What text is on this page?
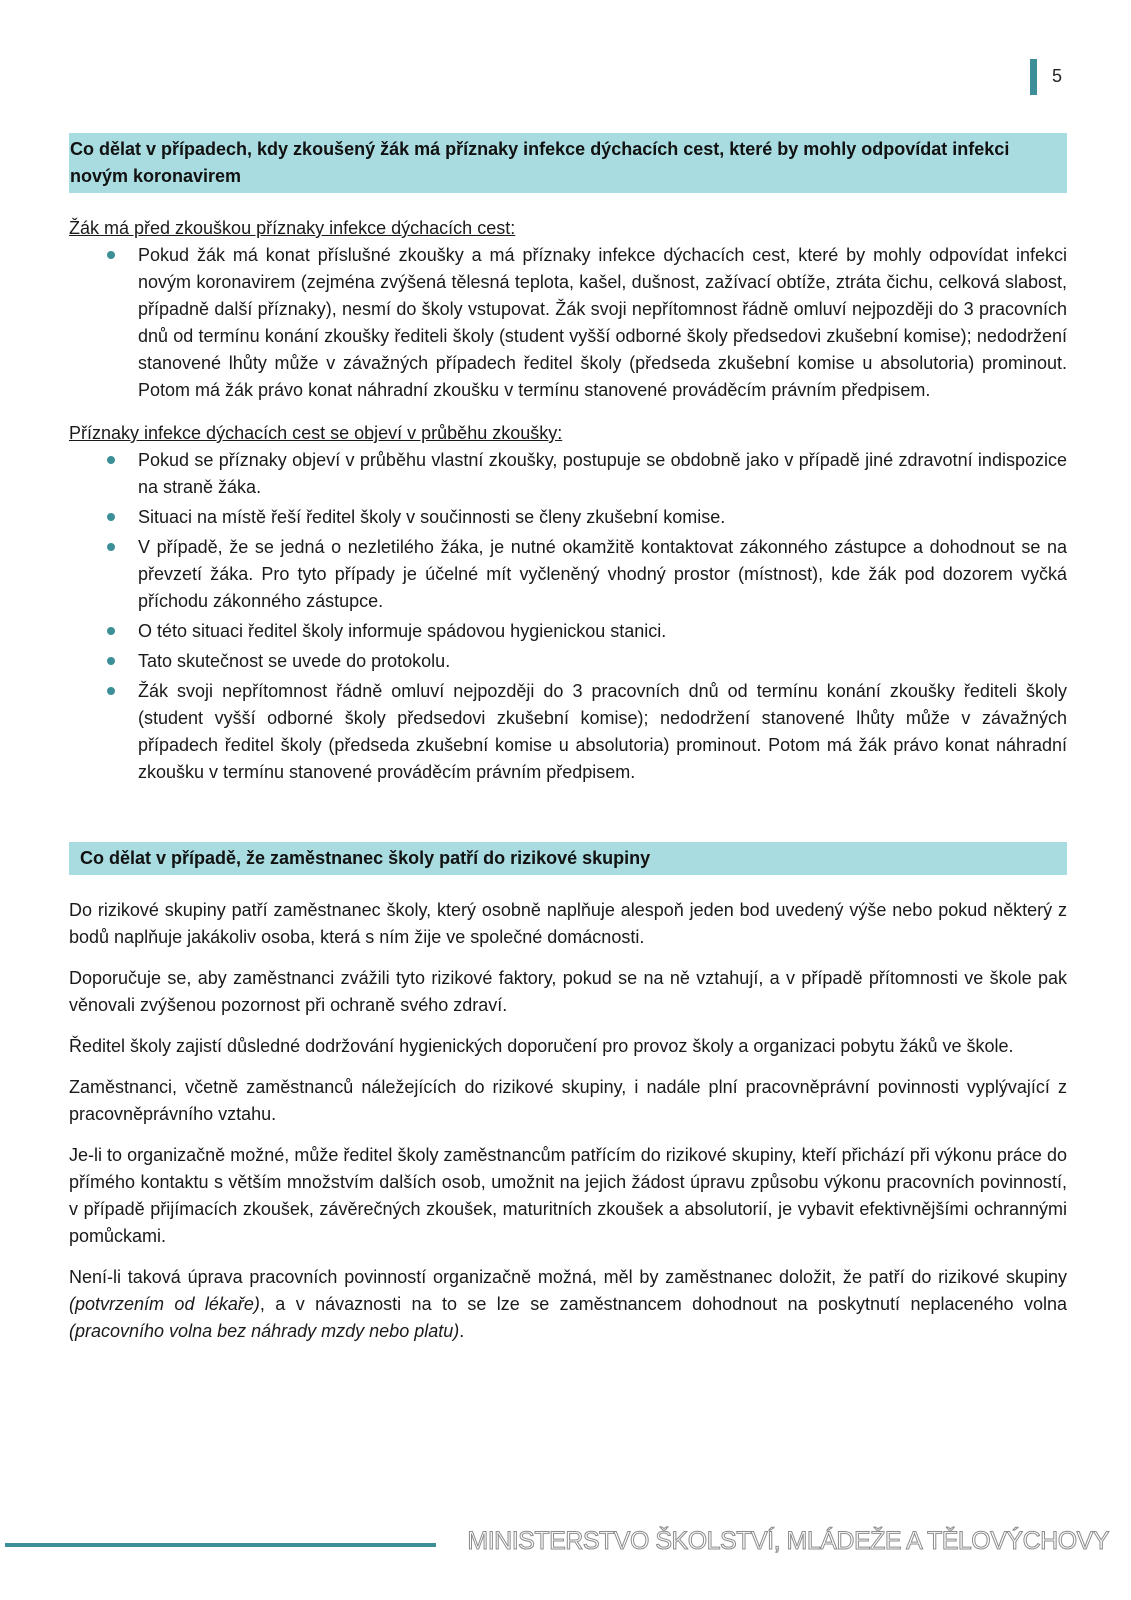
5
Co dělat v případech, kdy zkoušený žák má příznaky infekce dýchacích cest, které by mohly odpovídat infekci novým koronavirem
Žák má před zkouškou příznaky infekce dýchacích cest:
Pokud žák má konat příslušné zkoušky a má příznaky infekce dýchacích cest, které by mohly odpovídat infekci novým koronavirem (zejména zvýšená tělesná teplota, kašel, dušnost, zažívací obtíže, ztráta čichu, celková slabost, případně další příznaky), nesmí do školy vstupovat. Žák svoji nepřítomnost řádně omluví nejpozději do 3 pracovních dnů od termínu konání zkoušky řediteli školy (student vyšší odborné školy předsedovi zkušební komise); nedodržení stanovené lhůty může v závažných případech ředitel školy (předseda zkušební komise u absolutoria) prominout. Potom má žák právo konat náhradní zkoušku v termínu stanovené prováděcím právním předpisem.
Příznaky infekce dýchacích cest se objeví v průběhu zkoušky:
Pokud se příznaky objeví v průběhu vlastní zkoušky, postupuje se obdobně jako v případě jiné zdravotní indispozice na straně žáka.
Situaci na místě řeší ředitel školy v součinnosti se členy zkušební komise.
V případě, že se jedná o nezletilého žáka, je nutné okamžitě kontaktovat zákonného zástupce a dohodnout se na převzetí žáka. Pro tyto případy je účelné mít vyčleněný vhodný prostor (místnost), kde žák pod dozorem vyčká příchodu zákonného zástupce.
O této situaci ředitel školy informuje spádovou hygienickou stanici.
Tato skutečnost se uvede do protokolu.
Žák svoji nepřítomnost řádně omluví nejpozději do 3 pracovních dnů od termínu konání zkoušky řediteli školy (student vyšší odborné školy předsedovi zkušební komise); nedodržení stanovené lhůty může v závažných případech ředitel školy (předseda zkušební komise u absolutoria) prominout. Potom má žák právo konat náhradní zkoušku v termínu stanovené prováděcím právním předpisem.
Co dělat v případě, že zaměstnanec školy patří do rizikové skupiny

Do rizikové skupiny patří zaměstnanec školy, který osobně naplňuje alespoň jeden bod uvedený výše nebo pokud některý z bodů naplňuje jakákoliv osoba, která s ním žije ve společné domácnosti.

Doporučuje se, aby zaměstnanci zvážili tyto rizikové faktory, pokud se na ně vztahují, a v případě přítomnosti ve škole pak věnovali zvýšenou pozornost při ochraně svého zdraví.

Ředitel školy zajistí důsledné dodržování hygienických doporučení pro provoz školy a organizaci pobytu žáků ve škole.

Zaměstnanci, včetně zaměstnanců náležejících do rizikové skupiny, i nadále plní pracovněprávní povinnosti vyplývající z pracovněprávního vztahu.

Je-li to organizačně možné, může ředitel školy zaměstnancům patřícím do rizikové skupiny, kteří přichází při výkonu práce do přímého kontaktu s větším množstvím dalších osob, umožnit na jejich žádost úpravu způsobu výkonu pracovních povinností, v případě přijímacích zkoušek, závěrečných zkoušek, maturitních zkoušek a absolutorií, je vybavit efektivnějšími ochrannými pomůckami.

Není-li taková úprava pracovních povinností organizačně možná, měl by zaměstnanec doložit, že patří do rizikové skupiny (potvrzením od lékaře), a v návaznosti na to se lze se zaměstnancem dohodnout na poskytnutí neplaceného volna (pracovního volna bez náhrady mzdy nebo platu).

MINISTERSTVO ŠKOLSTVÍ, MLÁDEŽE A TĚLOVÝCHOVY
